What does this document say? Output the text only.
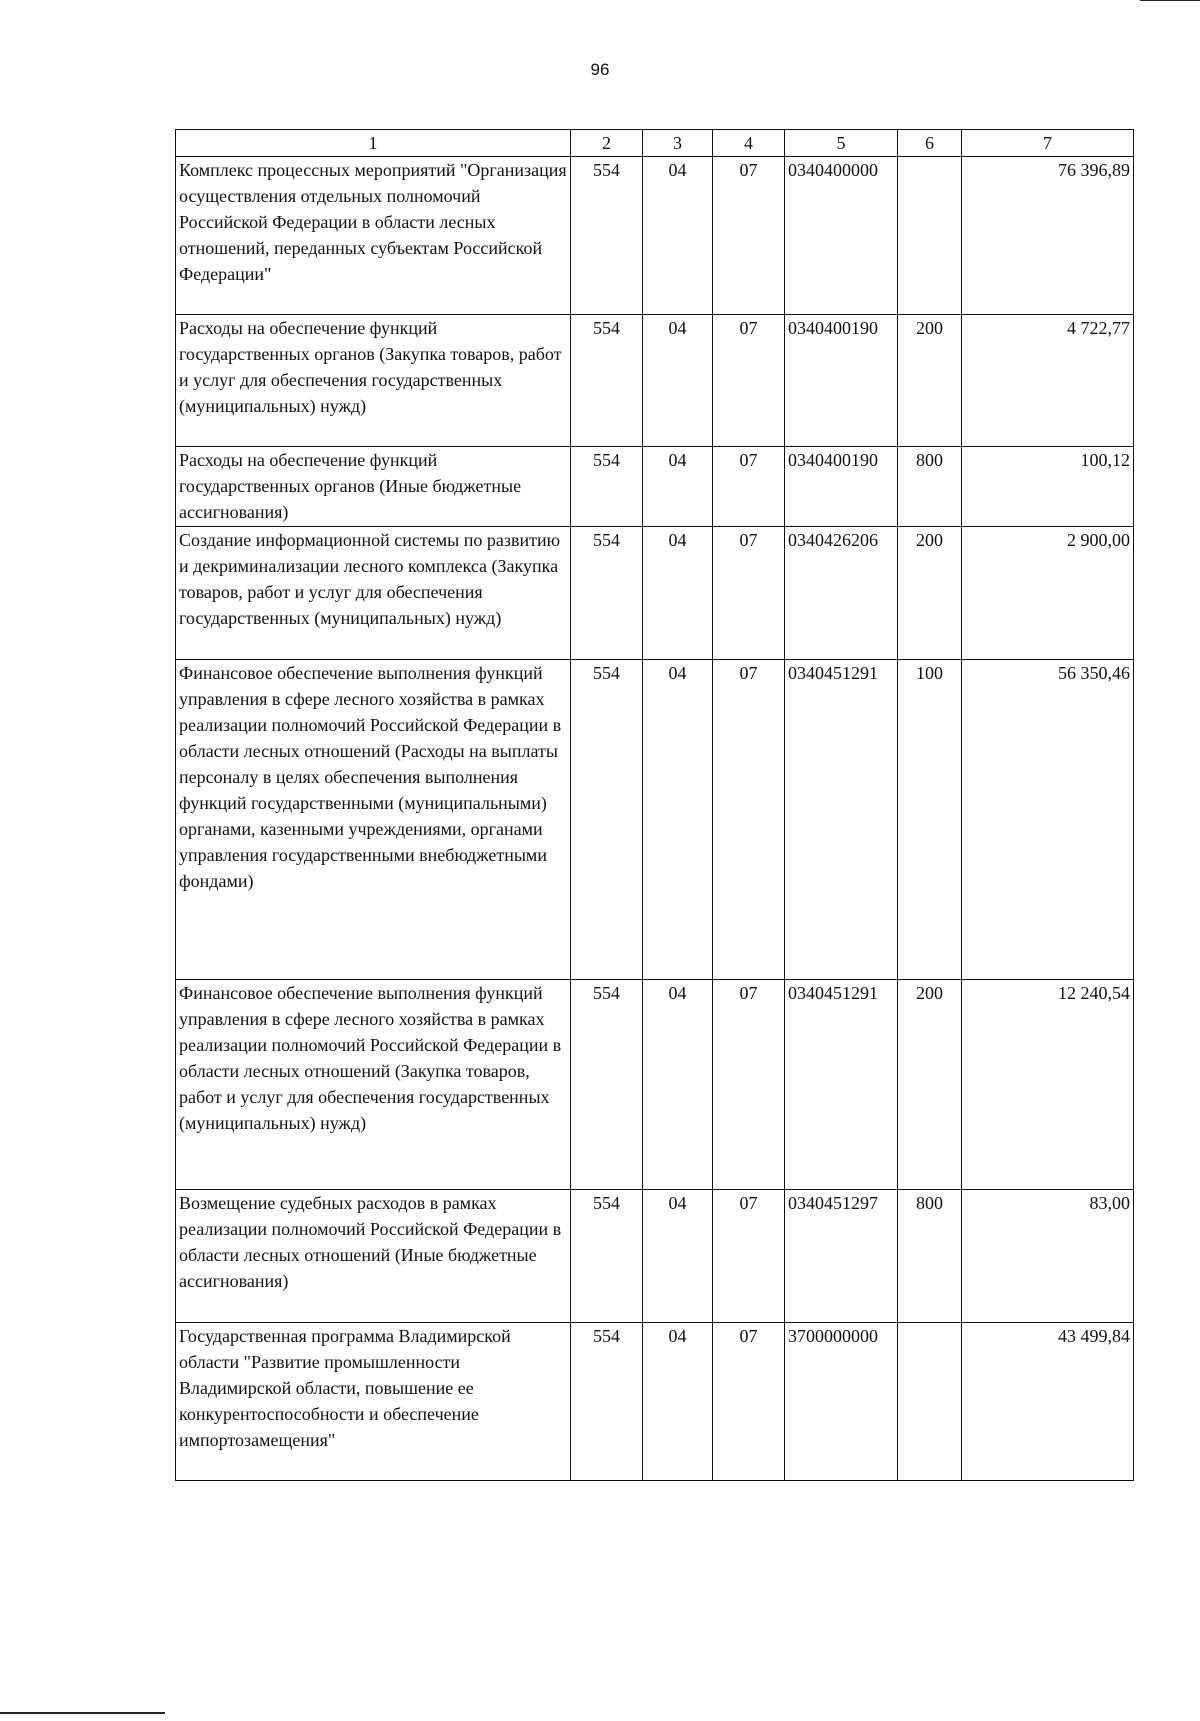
96
1	2	3	4	5	6	7
Комплекс процессных мероприятий "Организация осуществления отдельных полномочий Российской Федерации в области лесных отношений, переданных субъектам Российской Федерации"	554	04	07	0340400000		76 396,89
Расходы на обеспечение функций государственных органов (Закупка товаров, работ и услуг для обеспечения государственных (муниципальных) нужд)	554	04	07	0340400190	200	4 722,77
Расходы на обеспечение функций государственных органов (Иные бюджетные ассигнования)	554	04	07	0340400190	800	100,12
Создание информационной системы по развитию и декриминализации лесного комплекса (Закупка товаров, работ и услуг для обеспечения государственных (муниципальных) нужд)	554	04	07	0340426206	200	2 900,00
Финансовое обеспечение выполнения функций управления в сфере лесного хозяйства в рамках реализации полномочий Российской Федерации в области лесных отношений (Расходы на выплаты персоналу в целях обеспечения выполнения функций государственными (муниципальными) органами, казенными учреждениями, органами управления государственными внебюджетными фондами)	554	04	07	0340451291	100	56 350,46
Финансовое обеспечение выполнения функций управления в сфере лесного хозяйства в рамках реализации полномочий Российской Федерации в области лесных отношений (Закупка товаров, работ и услуг для обеспечения государственных (муниципальных) нужд)	554	04	07	0340451291	200	12 240,54
Возмещение судебных расходов в рамках реализации полномочий Российской Федерации в области лесных отношений (Иные бюджетные ассигнования)	554	04	07	0340451297	800	83,00
Государственная программа Владимирской области "Развитие промышленности Владимирской области, повышение ее конкурентоспособности и обеспечение импортозамещения"	554	04	07	3700000000		43 499,84
